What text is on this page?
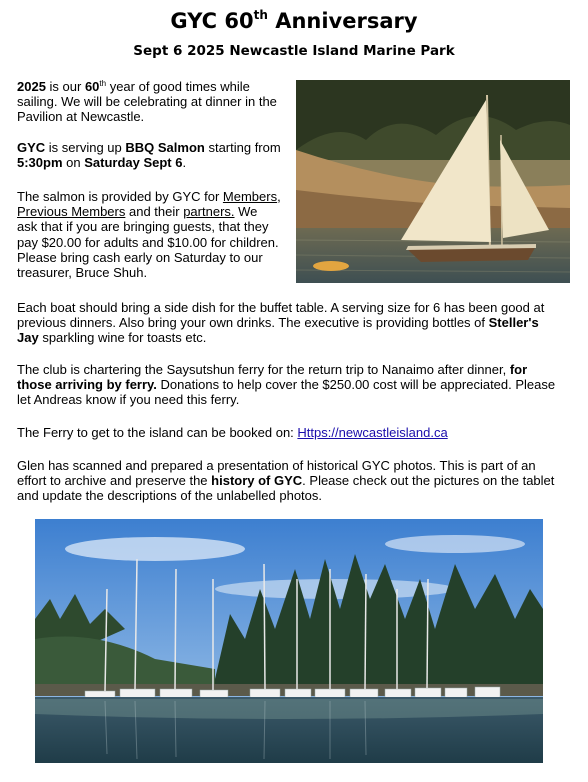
GYC 60th Anniversary
Sept 6 2025 Newcastle Island Marine Park

2025 is our 60th year of good times while sailing. We will be celebrating at dinner in the Pavilion at Newcastle.

GYC is serving up BBQ Salmon starting from 5:30pm on Saturday Sept 6.

The salmon is provided by GYC for Members, Previous Members and their partners. We ask that if you are bringing guests, that they pay $20.00 for adults and $10.00 for children. Please bring cash early on Saturday to our treasurer, Bruce Shuh.

Each boat should bring a side dish for the buffet table. A serving size for 6 has been good at previous dinners. Also bring your own drinks. The executive is providing bottles of Steller's Jay sparkling wine for toasts etc.

The club is chartering the Saysutshun ferry for the return trip to Nanaimo after dinner, for those arriving by ferry. Donations to help cover the $250.00 cost will be appreciated. Please let Andreas know if you need this ferry.

The Ferry to get to the island can be booked on: Https://newcastleisland.ca

Glen has scanned and prepared a presentation of historical GYC photos. This is part of an effort to archive and preserve the history of GYC. Please check out the pictures on the tablet and update the descriptions of the unlabelled photos.
